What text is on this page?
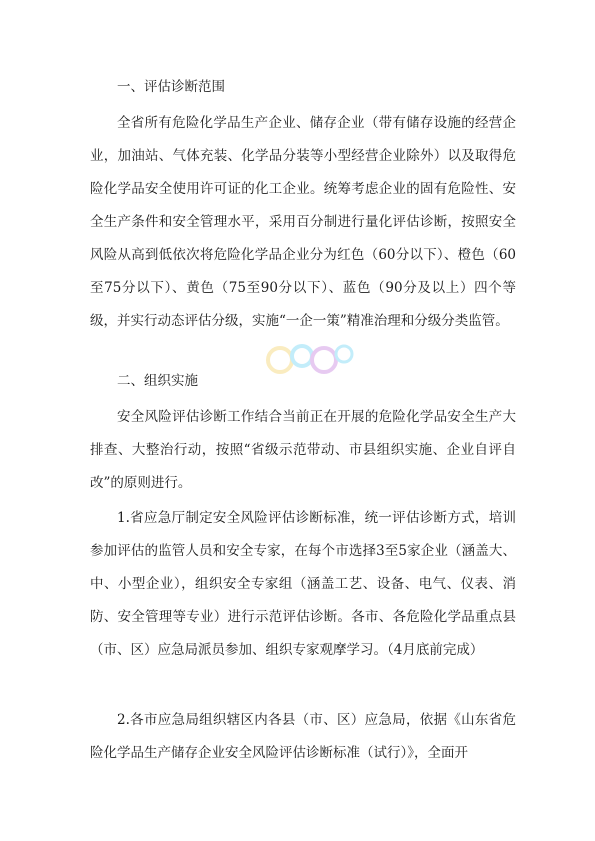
一、评估诊断范围

全省所有危险化学品生产企业、储存企业（带有储存设施的经营企业，加油站、气体充装、化学品分装等小型经营企业除外）以及取得危险化学品安全使用许可证的化工企业。统筹考虑企业的固有危险性、安全生产条件和安全管理水平，采用百分制进行量化评估诊断，按照安全风险从高到低依次将危险化学品企业分为红色（60分以下）、橙色（60至75分以下）、黄色（75至90分以下）、蓝色（90分及以上）四个等级，并实行动态评估分级，实施“一企一策”精准治理和分级分类监管。

二、组织实施

安全风险评估诊断工作结合当前正在开展的危险化学品安全生产大排查、大整治行动，按照“省级示范带动、市县组织实施、企业自评自改”的原则进行。

1.省应急厅制定安全风险评估诊断标准，统一评估诊断方式，培训参加评估的监管人员和安全专家，在每个市选择3至5家企业（涵盖大、中、小型企业），组织安全专家组（涵盖工艺、设备、电气、仪表、消防、安全管理等专业）进行示范评估诊断。各市、各危险化学品重点县（市、区）应急局派员参加、组织专家观摩学习。（4月底前完成）

2.各市应急局组织辖区内各县（市、区）应急局，依据《山东省危险化学品生产储存企业安全风险评估诊断标准（试行）》，全面开
